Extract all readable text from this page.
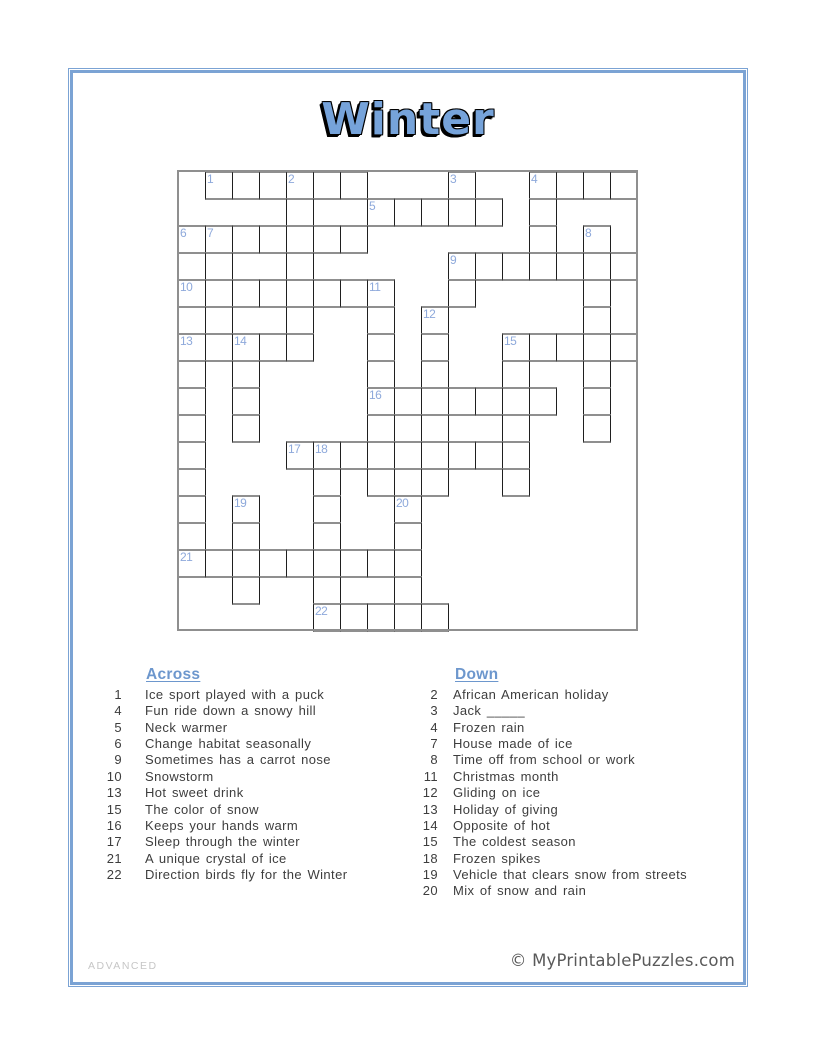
Winter
1	2	3	4
5
6 7	8
9
10	11
12
13	14	15
16
17 18
19	20
21
22
Across	Down
1 Ice sport played with a puck
4 Fun ride down a snowy hill
5 Neck warmer
6 Change habitat seasonally
9 Sometimes has a carrot nose
10 Snowstorm
13 Hot sweet drink
15 The color of snow
16 Keeps your hands warm
17 Sleep through the winter
21 A unique crystal of ice
22 Direction birds fly for the Winter
2 African American holiday
3 Jack _____
4 Frozen rain
7 House made of ice
8 Time off from school or work
11 Christmas month
12 Gliding on ice
13 Holiday of giving
14 Opposite of hot
15 The coldest season
18 Frozen spikes
19 Vehicle that clears snow from streets
20 Mix of snow and rain
ADVANCED	© MyPrintablePuzzles.com
